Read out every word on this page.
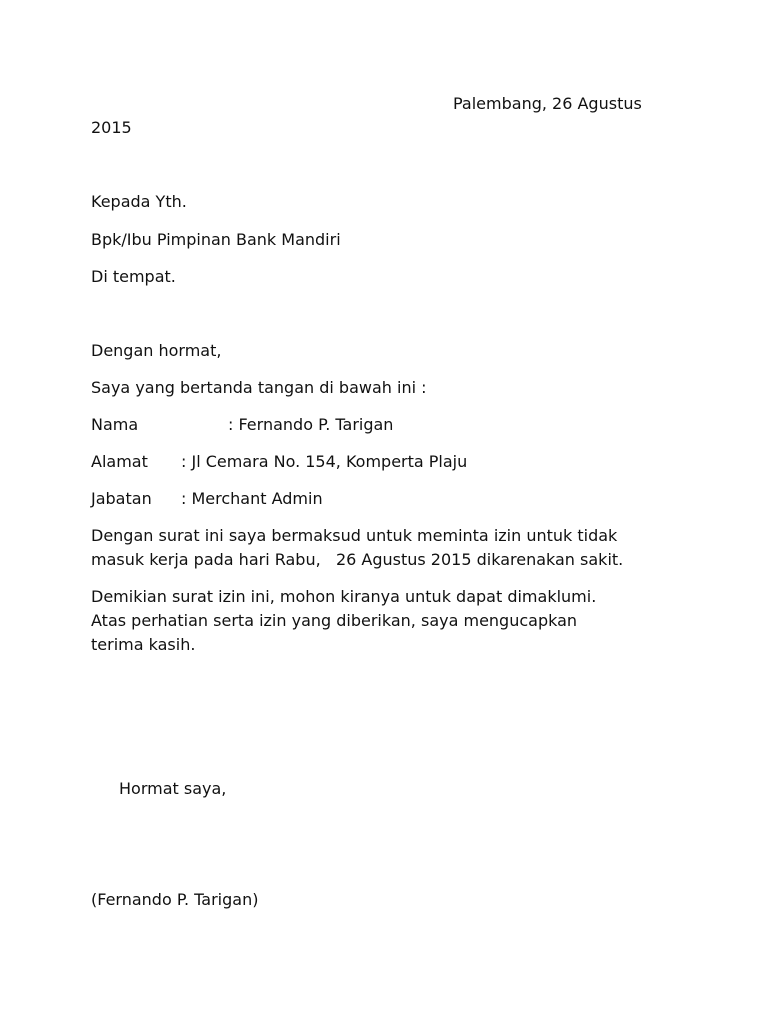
Palembang, 26 Agustus
2015
Kepada Yth.
Bpk/Ibu Pimpinan Bank Mandiri
Di tempat.
Dengan hormat,
Saya yang bertanda tangan di bawah ini :
Nama	: Fernando P. Tarigan
Alamat : Jl Cemara No. 154, Komperta Plaju
Jabatan : Merchant Admin
Dengan surat ini saya bermaksud untuk meminta izin untuk tidak
masuk kerja pada hari Rabu,   26 Agustus 2015 dikarenakan sakit.
Demikian surat izin ini, mohon kiranya untuk dapat dimaklumi.
Atas perhatian serta izin yang diberikan, saya mengucapkan
terima kasih.
Hormat saya,
(Fernando P. Tarigan)
